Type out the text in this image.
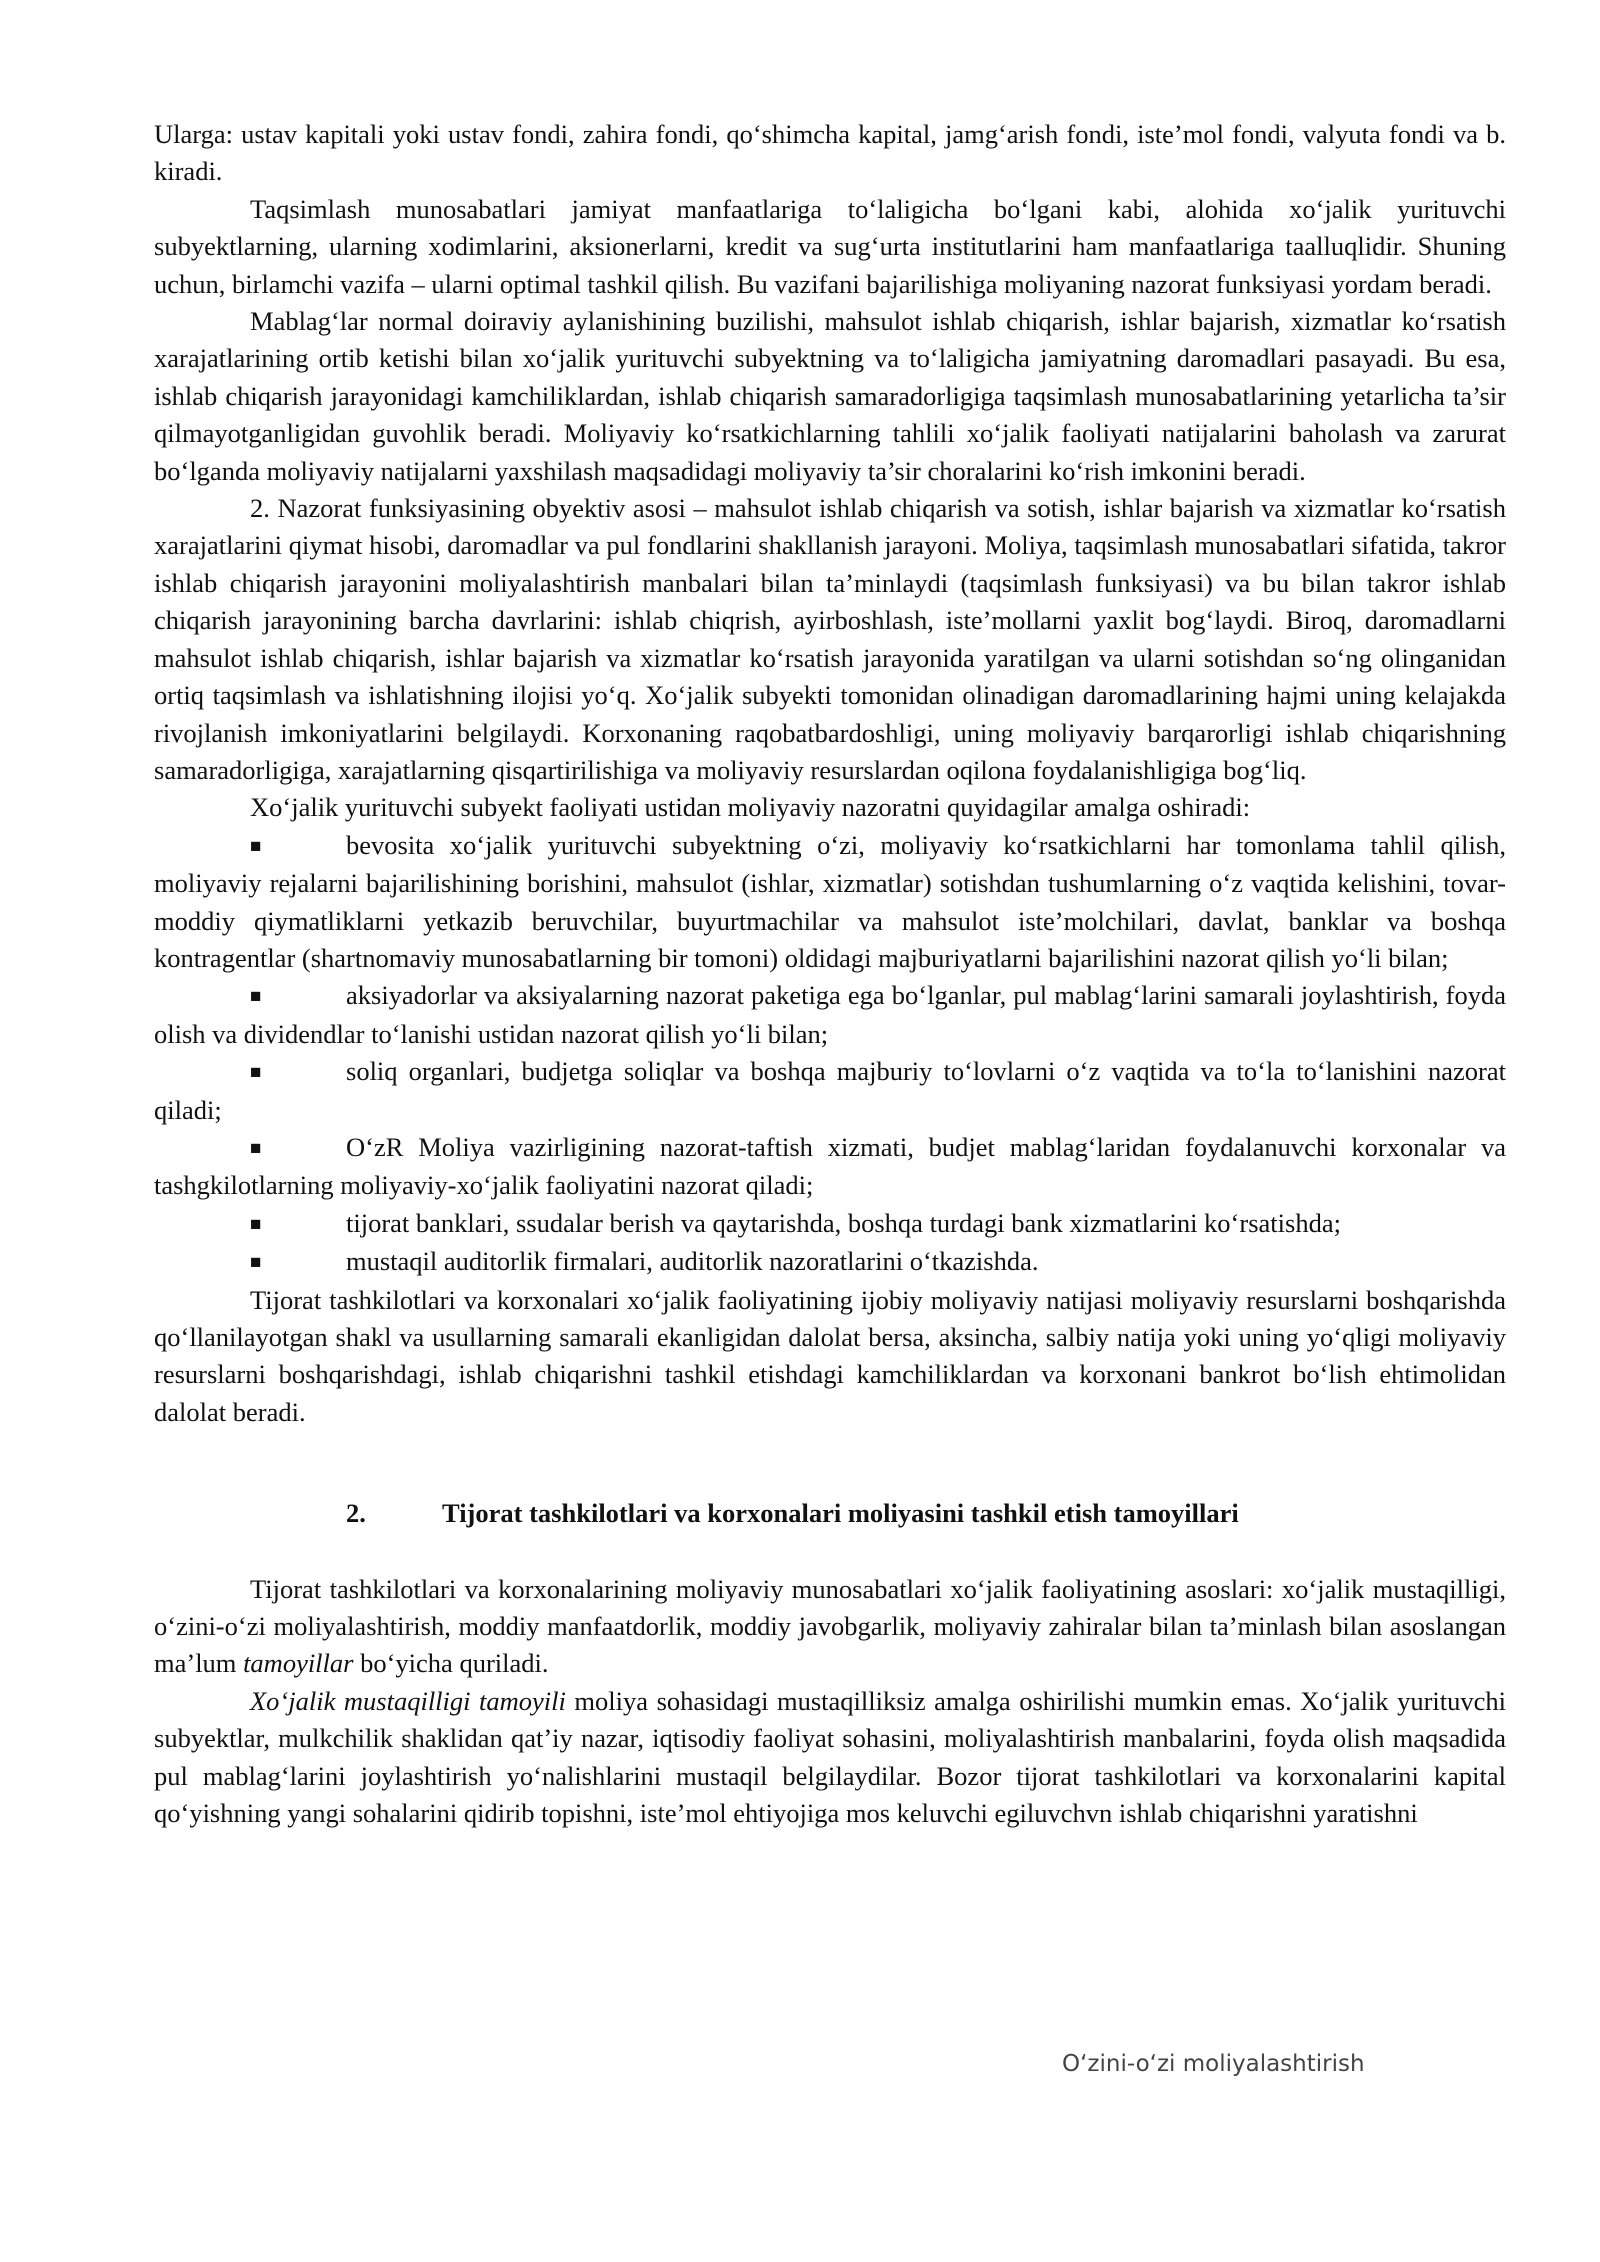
Ularga: ustav kapitali yoki ustav fondi, zahira fondi, qo‘shimcha kapital, jamg‘arish fondi, iste’mol fondi, valyuta fondi va b. kiradi.

Taqsimlash munosabatlari jamiyat manfaatlariga to‘laligicha bo‘lgani kabi, alohida xo‘jalik yurituvchi subyektlarning, ularning xodimlarini, aksionerlarni, kredit va sug‘urta institutlarini ham manfaatlariga taalluqlidir. Shuning uchun, birlamchi vazifa – ularni optimal tashkil qilish. Bu vazifani bajarilishiga moliyaning nazorat funksiyasi yordam beradi.

Mablag‘lar normal doiraviy aylanishining buzilishi, mahsulot ishlab chiqarish, ishlar bajarish, xizmatlar ko‘rsatish xarajatlarining ortib ketishi bilan xo‘jalik yurituvchi subyektning va to‘laligicha jamiyatning daromadlari pasayadi. Bu esa, ishlab chiqarish jarayonidagi kamchiliklardan, ishlab chiqarish samaradorligiga taqsimlash munosabatlarining yetarlicha ta’sir qilmayotganligidan guvohlik beradi. Moliyaviy ko‘rsatkichlarning tahlili xo‘jalik faoliyati natijalarini baholash va zarurat bo‘lganda moliyaviy natijalarni yaxshilash maqsadidagi moliyaviy ta’sir choralarini ko‘rish imkonini beradi.

2. Nazorat funksiyasining obyektiv asosi – mahsulot ishlab chiqarish va sotish, ishlar bajarish va xizmatlar ko‘rsatish xarajatlarini qiymat hisobi, daromadlar va pul fondlarini shakllanish jarayoni. Moliya, taqsimlash munosabatlari sifatida, takror ishlab chiqarish jarayonini moliyalashtirish manbalari bilan ta’minlaydi (taqsimlash funksiyasi) va bu bilan takror ishlab chiqarish jarayonining barcha davrlarini: ishlab chiqrish, ayirboshlash, iste’mollarni yaxlit bog‘laydi. Biroq, daromadlarni mahsulot ishlab chiqarish, ishlar bajarish va xizmatlar ko‘rsatish jarayonida yaratilgan va ularni sotishdan so‘ng olinganidan ortiq taqsimlash va ishlatishning ilojisi yo‘q. Xo‘jalik subyekti tomonidan olinadigan daromadlarining hajmi uning kelajakda rivojlanish imkoniyatlarini belgilaydi. Korxonaning raqobatbardoshligi, uning moliyaviy barqarorligi ishlab chiqarishning samaradorligiga, xarajatlarning qisqartirilishiga va moliyaviy resurslardan oqilona foydalanishligiga bog‘liq.

Xo‘jalik yurituvchi subyekt faoliyati ustidan moliyaviy nazoratni quyidagilar amalga oshiradi:

■	bevosita xo‘jalik yurituvchi subyektning o‘zi, moliyaviy ko‘rsatkichlarni har tomonlama tahlil qilish, moliyaviy rejalarni bajarilishining borishini, mahsulot (ishlar, xizmatlar) sotishdan tushumlarning o‘z vaqtida kelishini, tovar-moddiy qiymatliklarni yetkazib beruvchilar, buyurtmachilar va mahsulot iste’molchilari, davlat, banklar va boshqa kontragentlar (shartnomaviy munosabatlarning bir tomoni) oldidagi majburiyatlarni bajarilishini nazorat qilish yo‘li bilan;

■	aksiyadorlar va aksiyalarning nazorat paketiga ega bo‘lganlar, pul mablag‘larini samarali joylashtirish, foyda olish va dividendlar to‘lanishi ustidan nazorat qilish yo‘li bilan;

■	soliq organlari, budjetga soliqlar va boshqa majburiy to‘lovlarni o‘z vaqtida va to‘la to‘lanishini nazorat qiladi;

■	O‘zR Moliya vazirligining nazorat-taftish xizmati, budjet mablag‘laridan foydalanuvchi korxonalar va tashgkilotlarning moliyaviy-xo‘jalik faoliyatini nazorat qiladi;

■	tijorat banklari, ssudalar berish va qaytarishda, boshqa turdagi bank xizmatlarini ko‘rsatishda;

■	mustaqil auditorlik firmalari, auditorlik nazoratlarini o‘tkazishda.

Tijorat tashkilotlari va korxonalari xo‘jalik faoliyatining ijobiy moliyaviy natijasi moliyaviy resurslarni boshqarishda qo‘llanilayotgan shakl va usullarning samarali ekanligidan dalolat bersa, aksincha, salbiy natija yoki uning yo‘qligi moliyaviy resurslarni boshqarishdagi, ishlab chiqarishni tashkil etishdagi kamchiliklardan va korxonani bankrot bo‘lish ehtimolidan dalolat beradi.

2.	Tijorat tashkilotlari va korxonalari moliyasini tashkil etish tamoyillari

Tijorat tashkilotlari va korxonalarining moliyaviy munosabatlari xo‘jalik faoliyatining asoslari: xo‘jalik mustaqilligi, o‘zini-o‘zi moliyalashtirish, moddiy manfaatdorlik, moddiy javobgarlik, moliyaviy zahiralar bilan ta’minlash bilan asoslangan ma’lum tamoyillar bo‘yicha quriladi.

Xo‘jalik mustaqilligi tamoyili moliya sohasidagi mustaqilliksiz amalga oshirilishi mumkin emas. Xo‘jalik yurituvchi subyektlar, mulkchilik shaklidan qat’iy nazar, iqtisodiy faoliyat sohasini, moliyalashtirish manbalarini, foyda olish maqsadida pul mablag‘larini joylashtirish yo‘nalishlarini mustaqil belgilaydilar. Bozor tijorat tashkilotlari va korxonalarini kapital qo‘yishning yangi sohalarini qidirib topishni, iste’mol ehtiyojiga mos keluvchi egiluvchvn ishlab chiqarishni yaratishni

O‘zini-o‘zi moliyalashtirish
